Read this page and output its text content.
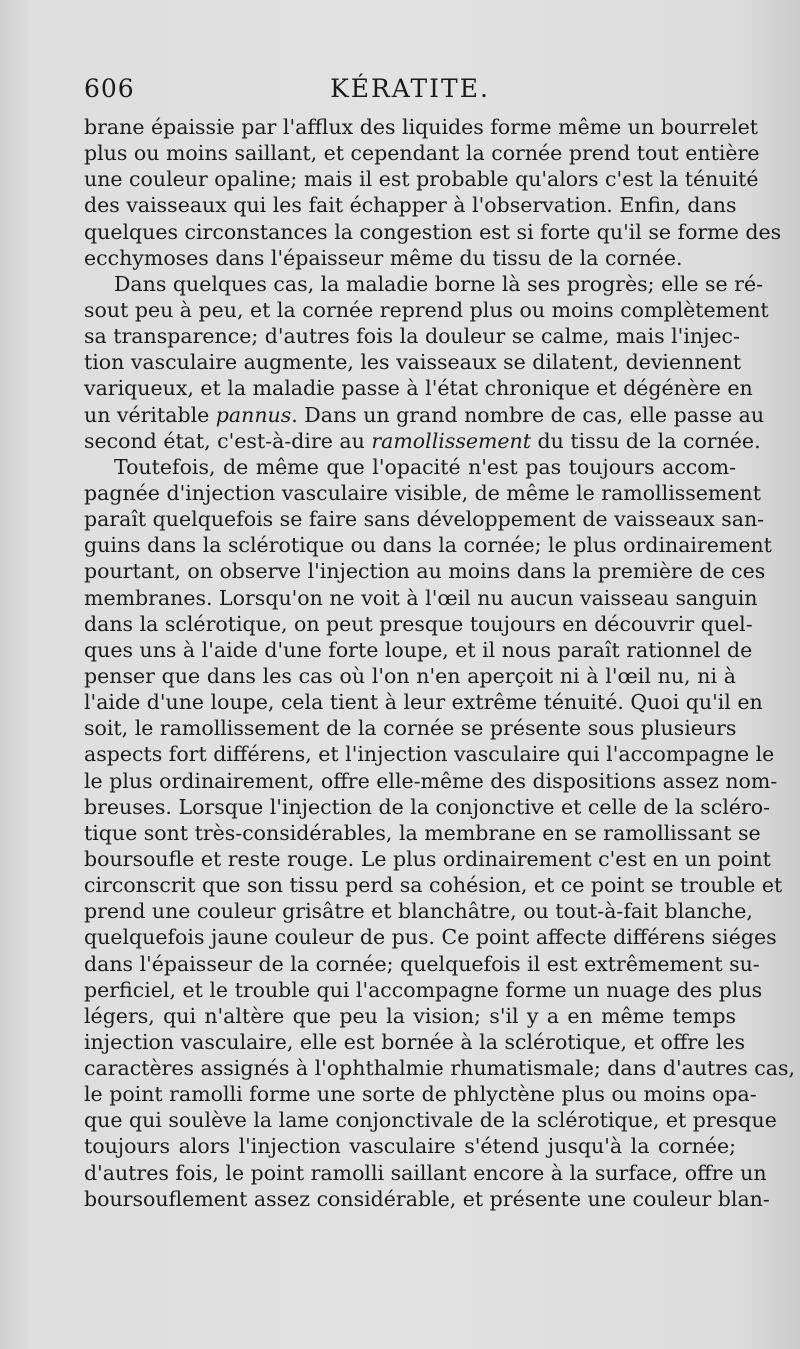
606	KÉRATITE.
brane épaissie par l'afflux des liquides forme même un bourrelet
plus ou moins saillant, et cependant la cornée prend tout entière
une couleur opaline; mais il est probable qu'alors c'est la ténuité
des vaisseaux qui les fait échapper à l'observation. Enfin, dans
quelques circonstances la congestion est si forte qu'il se forme des
ecchymoses dans l'épaisseur même du tissu de la cornée.
Dans quelques cas, la maladie borne là ses progrès; elle se ré-
sout peu à peu, et la cornée reprend plus ou moins complètement
sa transparence; d'autres fois la douleur se calme, mais l'injec-
tion vasculaire augmente, les vaisseaux se dilatent, deviennent
variqueux, et la maladie passe à l'état chronique et dégénère en
un véritable pannus. Dans un grand nombre de cas, elle passe au
second état, c'est-à-dire au ramollissement du tissu de la cornée.
Toutefois, de même que l'opacité n'est pas toujours accom-
pagnée d'injection vasculaire visible, de même le ramollissement
paraît quelquefois se faire sans développement de vaisseaux san-
guins dans la sclérotique ou dans la cornée; le plus ordinairement
pourtant, on observe l'injection au moins dans la première de ces
membranes. Lorsqu'on ne voit à l'œil nu aucun vaisseau sanguin
dans la sclérotique, on peut presque toujours en découvrir quel-
ques uns à l'aide d'une forte loupe, et il nous paraît rationnel de
penser que dans les cas où l'on n'en aperçoit ni à l'œil nu, ni à
l'aide d'une loupe, cela tient à leur extrême ténuité. Quoi qu'il en
soit, le ramollissement de la cornée se présente sous plusieurs
aspects fort différens, et l'injection vasculaire qui l'accompagne le
le plus ordinairement, offre elle-même des dispositions assez nom-
breuses. Lorsque l'injection de la conjonctive et celle de la scléro-
tique sont très-considérables, la membrane en se ramollissant se
boursoufle et reste rouge. Le plus ordinairement c'est en un point
circonscrit que son tissu perd sa cohésion, et ce point se trouble et
prend une couleur grisâtre et blanchâtre, ou tout-à-fait blanche,
quelquefois jaune couleur de pus. Ce point affecte différens siéges
dans l'épaisseur de la cornée; quelquefois il est extrêmement su-
perficiel, et le trouble qui l'accompagne forme un nuage des plus
légers, qui n'altère que peu la vision; s'il y a en même temps
injection vasculaire, elle est bornée à la sclérotique, et offre les
caractères assignés à l'ophthalmie rhumatismale; dans d'autres cas,
le point ramolli forme une sorte de phlyctène plus ou moins opa-
que qui soulève la lame conjonctivale de la sclérotique, et presque
toujours alors l'injection vasculaire s'étend jusqu'à la cornée;
d'autres fois, le point ramolli saillant encore à la surface, offre un
boursouflement assez considérable, et présente une couleur blan-
